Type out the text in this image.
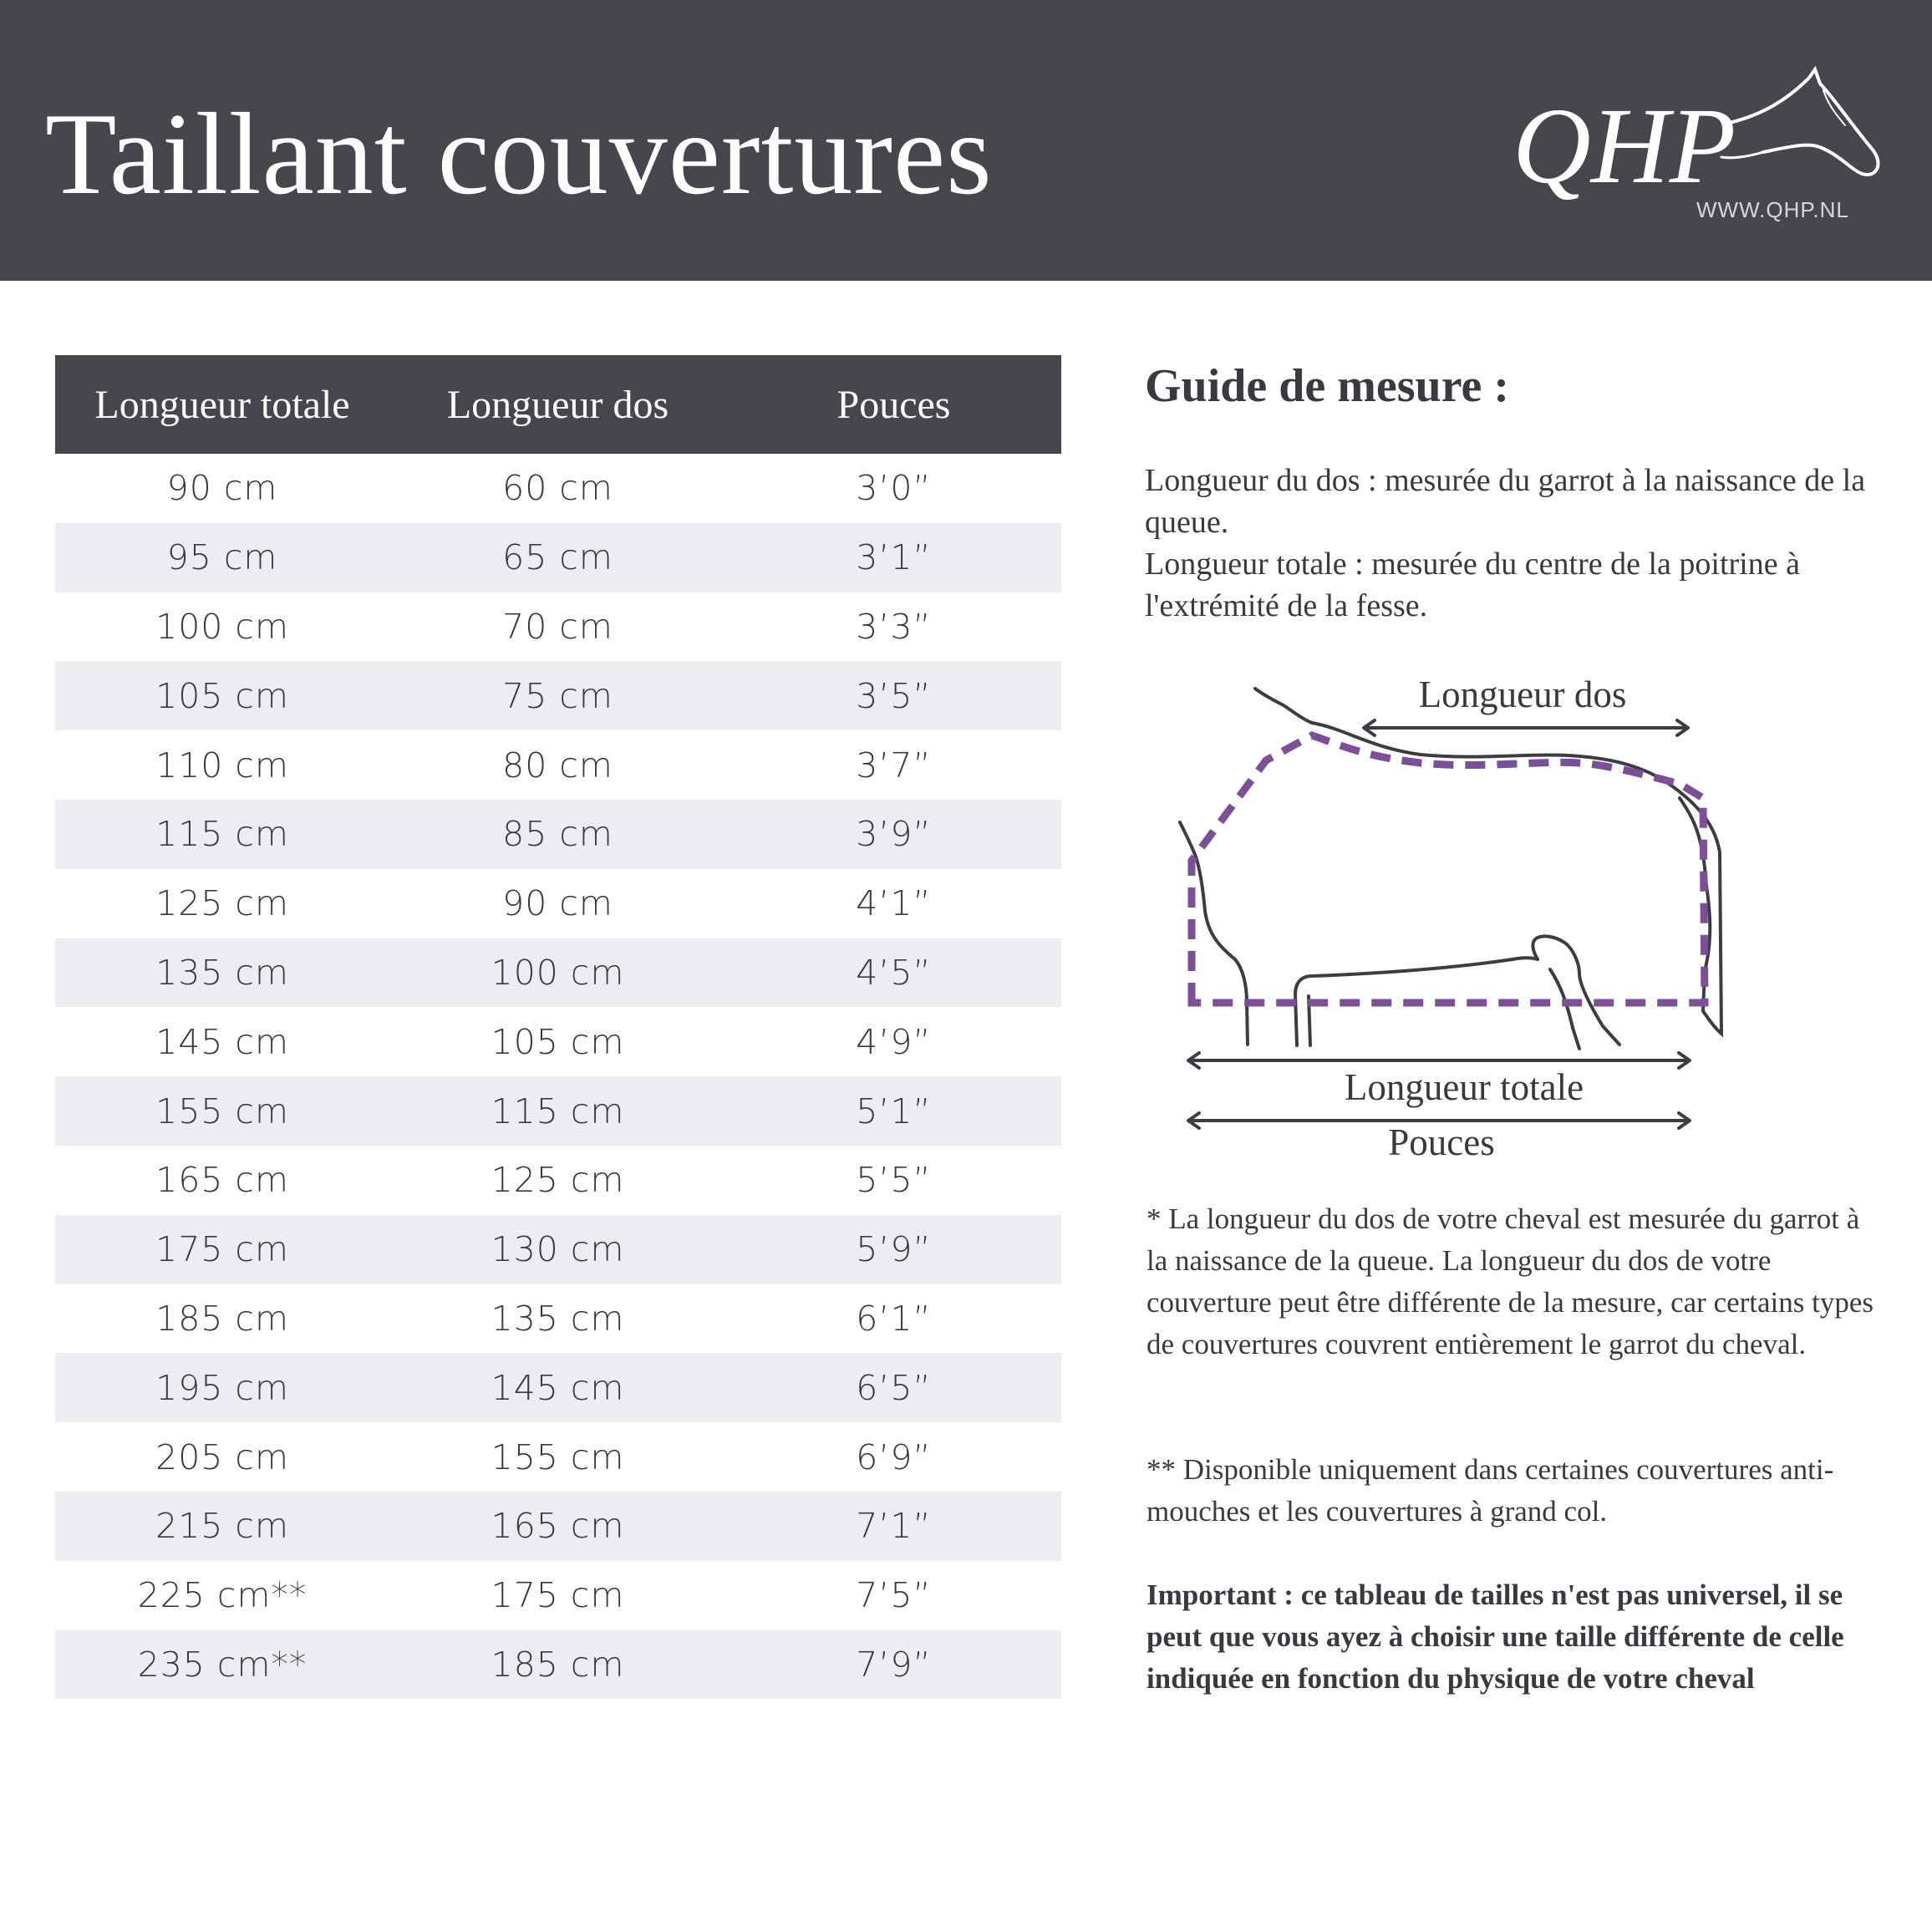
Taillant couvertures	QHP
WWW.QHP.NL
Longueur totale	Longueur dos	Pouces
90 cm	60 cm	3’0”
95 cm	65 cm	3’1”
100 cm	70 cm	3’3”
105 cm	75 cm	3’5”
110 cm	80 cm	3’7”
115 cm	85 cm	3’9”
125 cm	90 cm	4’1”
135 cm	100 cm	4’5”
145 cm	105 cm	4’9”
155 cm	115 cm	5’1”
165 cm	125 cm	5’5”
175 cm	130 cm	5’9”
185 cm	135 cm	6’1”
195 cm	145 cm	6’5”
205 cm	155 cm	6’9”
215 cm	165 cm	7’1”
225 cm**	175 cm	7’5”
235 cm**	185 cm	7’9”
Guide de mesure :
Longueur du dos : mesurée du garrot à la naissance de la queue.
Longueur totale : mesurée du centre de la poitrine à l'extrémité de la fesse.
Longueur dos
Longueur totale
Pouces

* La longueur du dos de votre cheval est mesurée du garrot à la naissance de la queue. La longueur du dos de votre couverture peut être différente de la mesure, car certains types de couvertures couvrent entièrement le garrot du cheval.

** Disponible uniquement dans certaines couvertures anti-mouches et les couvertures à grand col.

Important : ce tableau de tailles n'est pas universel, il se peut que vous ayez à choisir une taille différente de celle indiquée en fonction du physique de votre cheval
